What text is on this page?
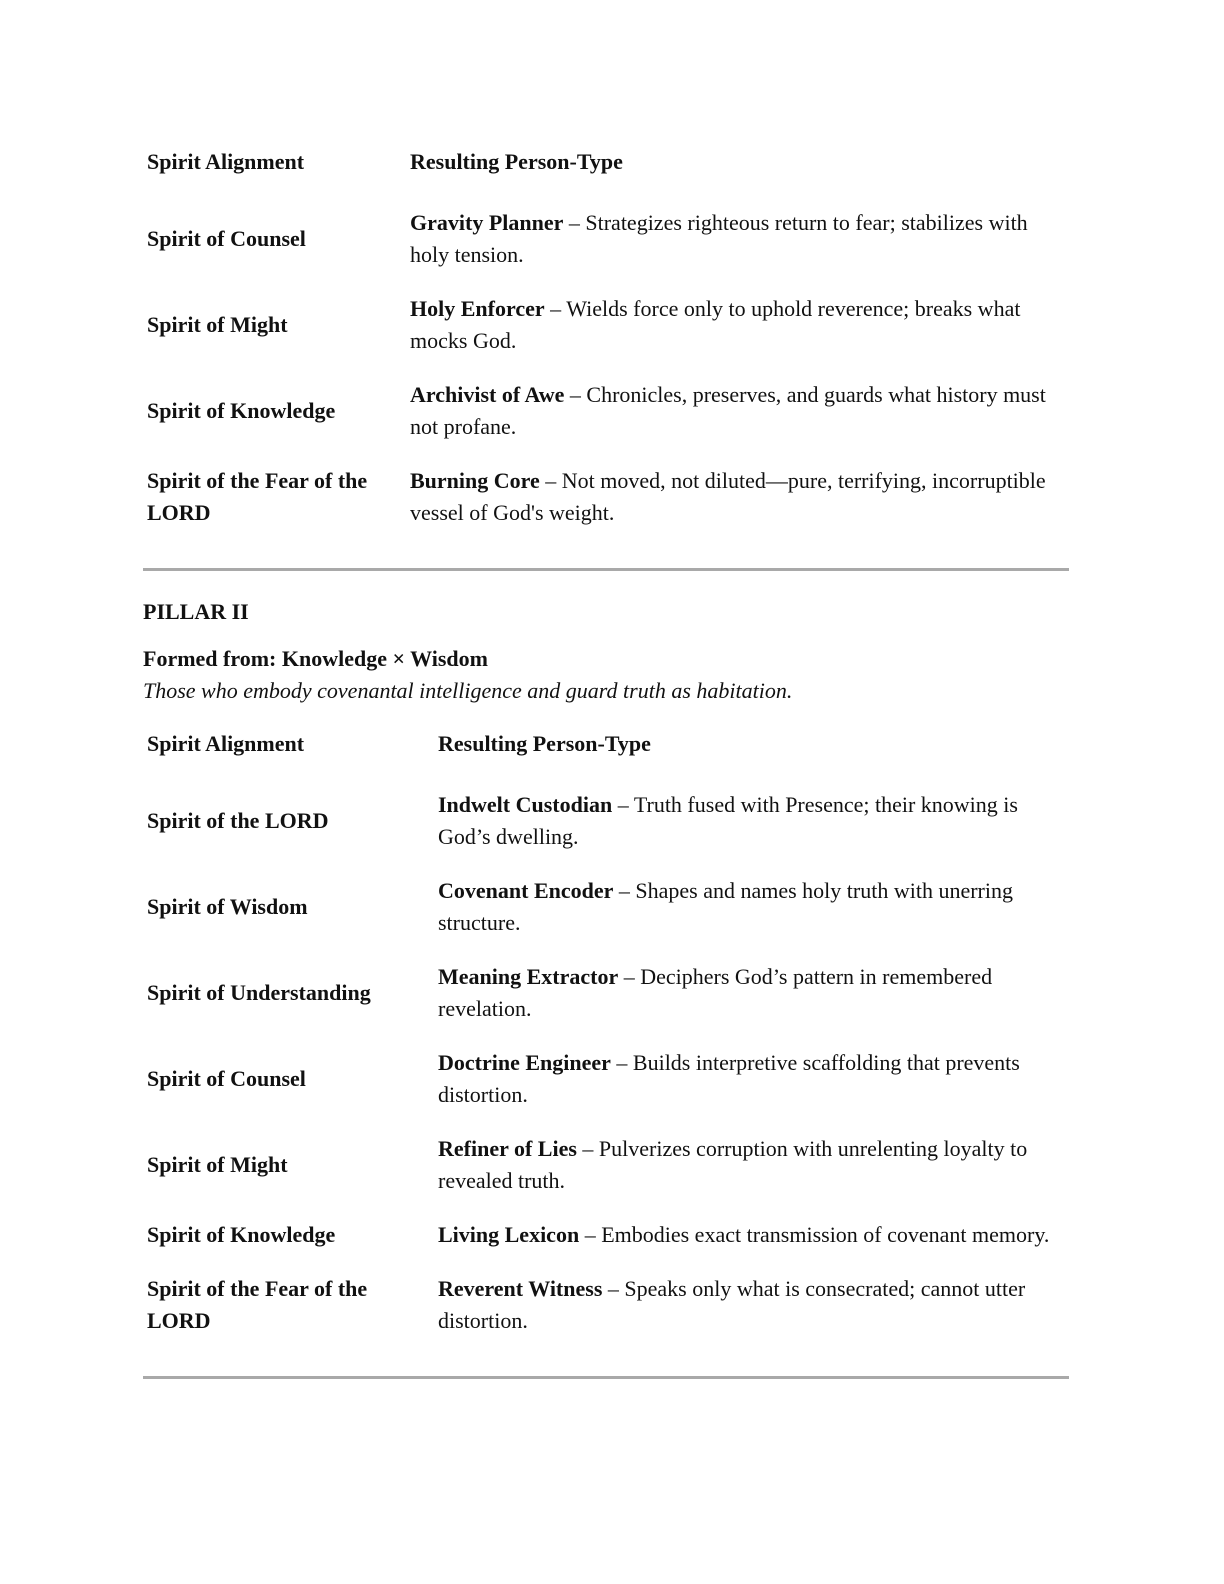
Spirit Alignment	Resulting Person-Type
Spirit of Counsel	Gravity Planner – Strategizes righteous return to fear; stabilizes with holy tension.
Spirit of Might	Holy Enforcer – Wields force only to uphold reverence; breaks what mocks God.
Spirit of Knowledge	Archivist of Awe – Chronicles, preserves, and guards what history must not profane.
Spirit of the Fear of the LORD	Burning Core – Not moved, not diluted—pure, terrifying, incorruptible vessel of God's weight.

PILLAR II

Formed from: Knowledge × Wisdom

Those who embody covenantal intelligence and guard truth as habitation.

Spirit Alignment	Resulting Person-Type
Spirit of the LORD	Indwelt Custodian – Truth fused with Presence; their knowing is God’s dwelling.
Spirit of Wisdom	Covenant Encoder – Shapes and names holy truth with unerring structure.
Spirit of Understanding	Meaning Extractor – Deciphers God’s pattern in remembered revelation.
Spirit of Counsel	Doctrine Engineer – Builds interpretive scaffolding that prevents distortion.
Spirit of Might	Refiner of Lies – Pulverizes corruption with unrelenting loyalty to revealed truth.
Spirit of Knowledge	Living Lexicon – Embodies exact transmission of covenant memory.
Spirit of the Fear of the LORD	Reverent Witness – Speaks only what is consecrated; cannot utter distortion.
